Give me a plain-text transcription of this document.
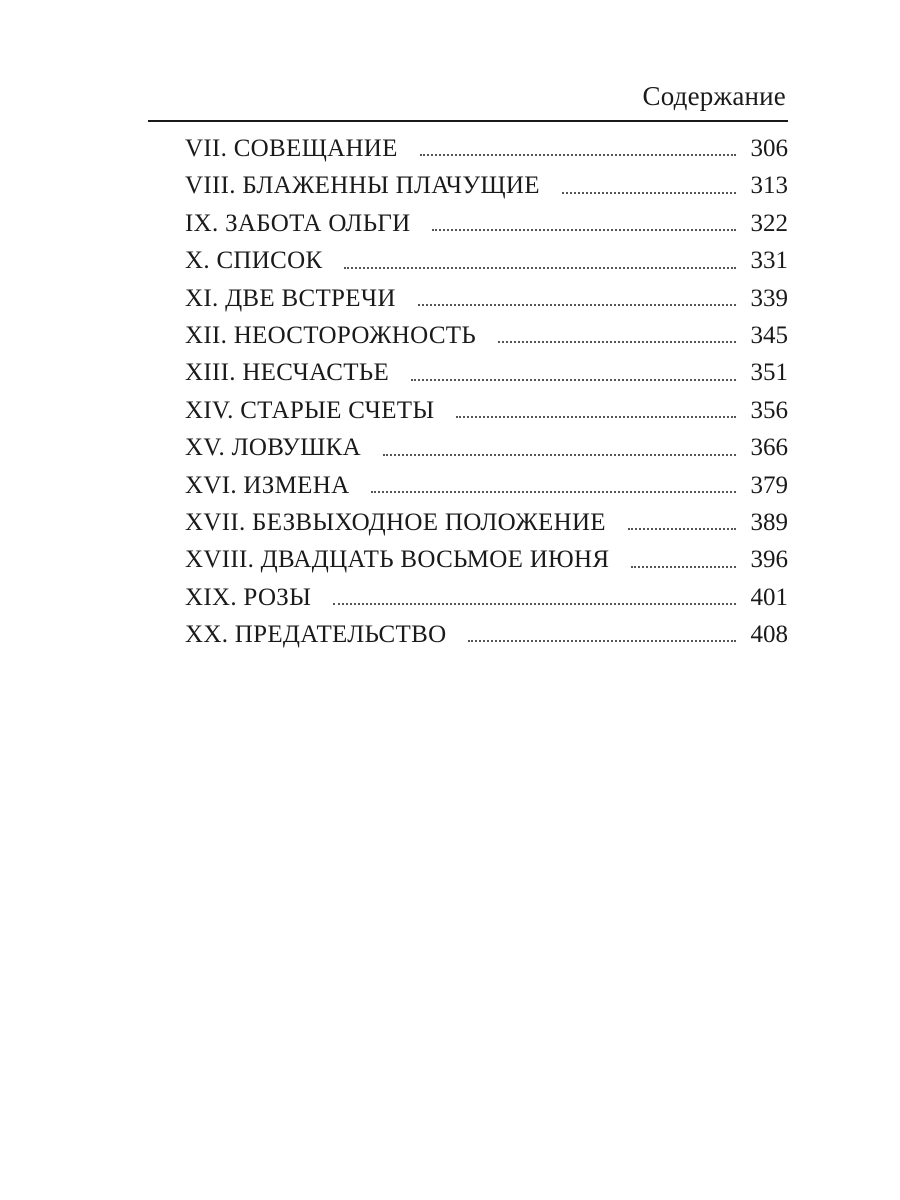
Содержание
VII. СОВЕЩАНИЕ	306
VIII. БЛАЖЕННЫ ПЛАЧУЩИЕ	313
IX. ЗАБОТА ОЛЬГИ	322
X. СПИСОК	331
XI. ДВЕ ВСТРЕЧИ	339
XII. НЕОСТОРОЖНОСТЬ	345
XIII. НЕСЧАСТЬЕ	351
XIV. СТАРЫЕ СЧЕТЫ	356
XV. ЛОВУШКА	366
XVI. ИЗМЕНА	379
XVII. БЕЗВЫХОДНОЕ ПОЛОЖЕНИЕ	389
XVIII. ДВАДЦАТЬ ВОСЬМОЕ ИЮНЯ	396
XIX. РОЗЫ	401
XX. ПРЕДАТЕЛЬСТВО	408
